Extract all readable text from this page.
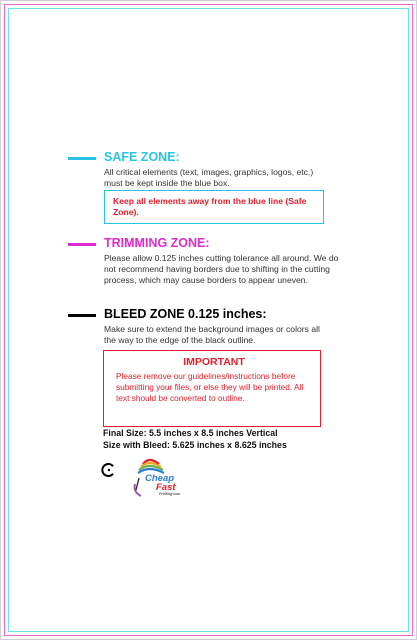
SAFE ZONE:
All critical elements (text, images, graphics, logos, etc.) must be kept inside the blue box.
Keep all elements away from the blue line (Safe Zone).
TRIMMING ZONE:
Please allow 0.125 inches cutting tolerance all around. We do not recommend having borders due to shifting in the cutting process, which may cause borders to appear uneven.
BLEED ZONE 0.125 inches:
Make sure to extend the background images or colors all the way to the edge of the black outline.
IMPORTANT
Please remove our guidelines/instructions before submitting your files, or else they will be printed. All text should be converted to outline.
Final Size: 5.5 inches x 8.5 inches Vertical
Size with Bleed: 5.625 inches x 8.625 inches
Cheap
Fast
Printing.com
